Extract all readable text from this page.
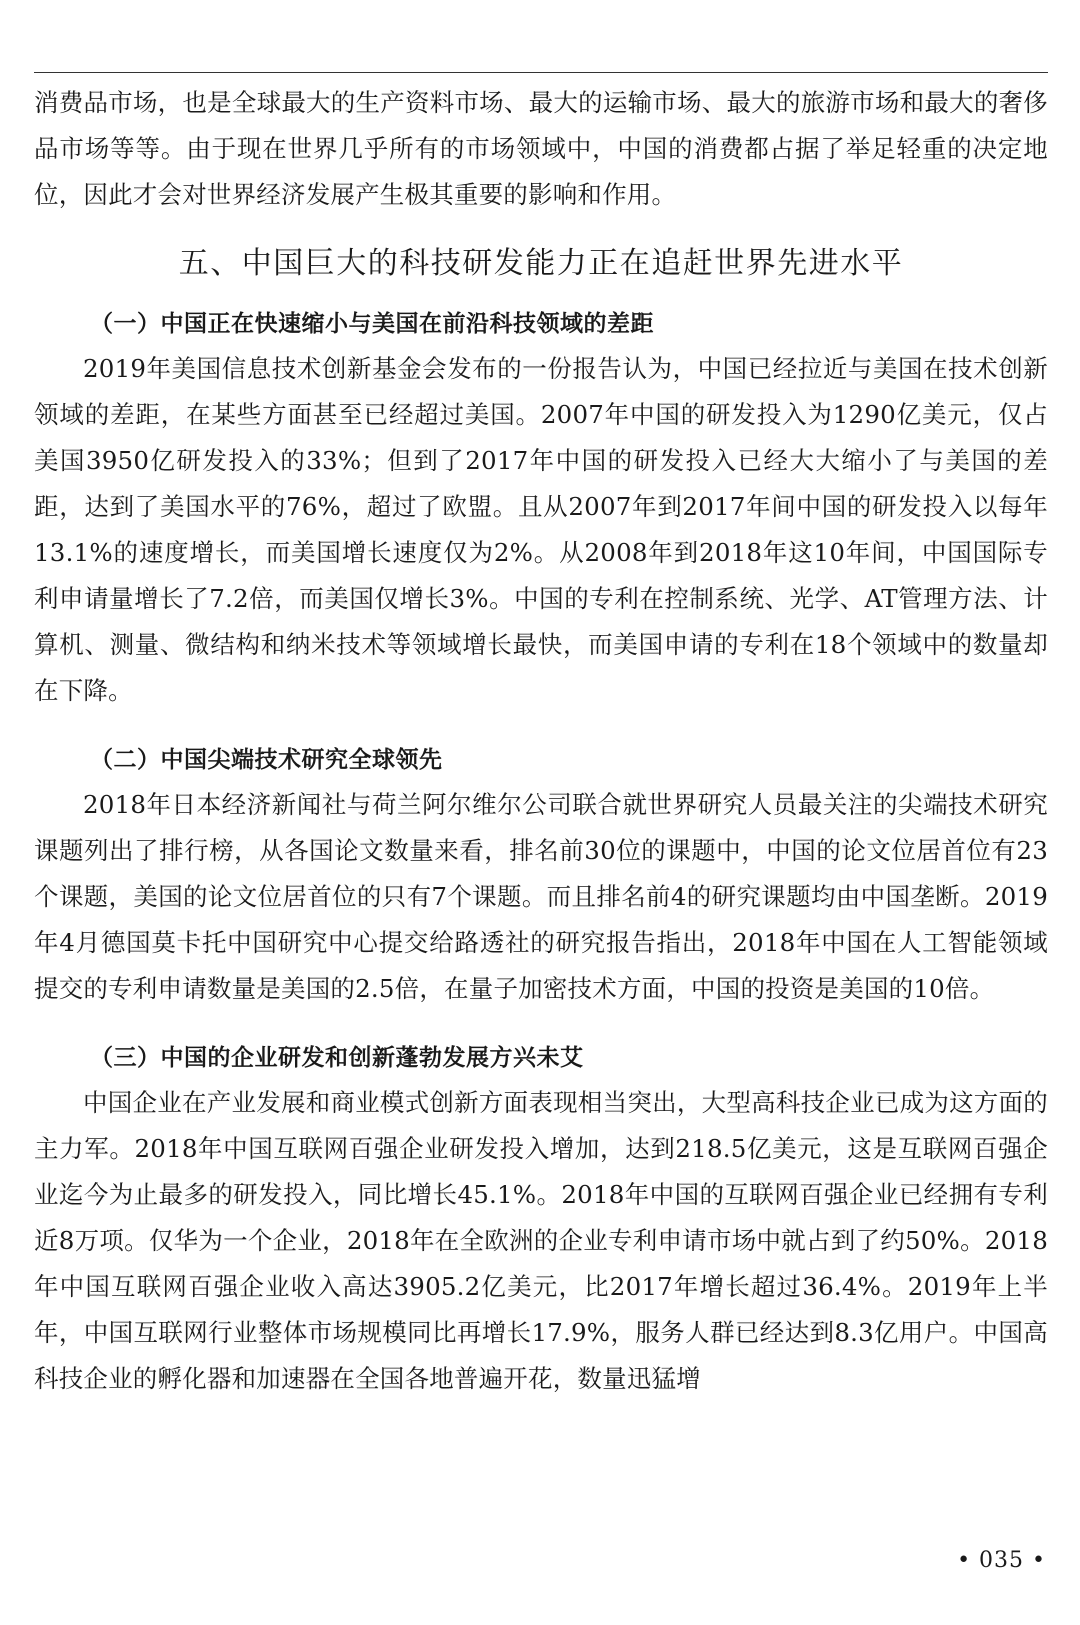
消费品市场，也是全球最大的生产资料市场、最大的运输市场、最大的旅游市场和最大的奢侈品市场等等。由于现在世界几乎所有的市场领域中，中国的消费都占据了举足轻重的决定地位，因此才会对世界经济发展产生极其重要的影响和作用。

五、中国巨大的科技研发能力正在追赶世界先进水平
（一）中国正在快速缩小与美国在前沿科技领域的差距

2019年美国信息技术创新基金会发布的一份报告认为，中国已经拉近与美国在技术创新领域的差距，在某些方面甚至已经超过美国。2007年中国的研发投入为1290亿美元，仅占美国3950亿研发投入的33%；但到了2017年中国的研发投入已经大大缩小了与美国的差距，达到了美国水平的76%，超过了欧盟。且从2007年到2017年间中国的研发投入以每年13.1%的速度增长，而美国增长速度仅为2%。从2008年到2018年这10年间，中国国际专利申请量增长了7.2倍，而美国仅增长3%。中国的专利在控制系统、光学、AT管理方法、计算机、测量、微结构和纳米技术等领域增长最快，而美国申请的专利在18个领域中的数量却在下降。

（二）中国尖端技术研究全球领先

2018年日本经济新闻社与荷兰阿尔维尔公司联合就世界研究人员最关注的尖端技术研究课题列出了排行榜，从各国论文数量来看，排名前30位的课题中，中国的论文位居首位有23个课题，美国的论文位居首位的只有7个课题。而且排名前4的研究课题均由中国垄断。2019年4月德国莫卡托中国研究中心提交给路透社的研究报告指出，2018年中国在人工智能领域提交的专利申请数量是美国的2.5倍，在量子加密技术方面，中国的投资是美国的10倍。

（三）中国的企业研发和创新蓬勃发展方兴未艾

中国企业在产业发展和商业模式创新方面表现相当突出，大型高科技企业已成为这方面的主力军。2018年中国互联网百强企业研发投入增加，达到218.5亿美元，这是互联网百强企业迄今为止最多的研发投入，同比增长45.1%。2018年中国的互联网百强企业已经拥有专利近8万项。仅华为一个企业，2018年在全欧洲的企业专利申请市场中就占到了约50%。2018年中国互联网百强企业收入高达3905.2亿美元，比2017年增长超过36.4%。2019年上半年，中国互联网行业整体市场规模同比再增长17.9%，服务人群已经达到8.3亿用户。中国高科技企业的孵化器和加速器在全国各地普遍开花，数量迅猛增

• 035 •
